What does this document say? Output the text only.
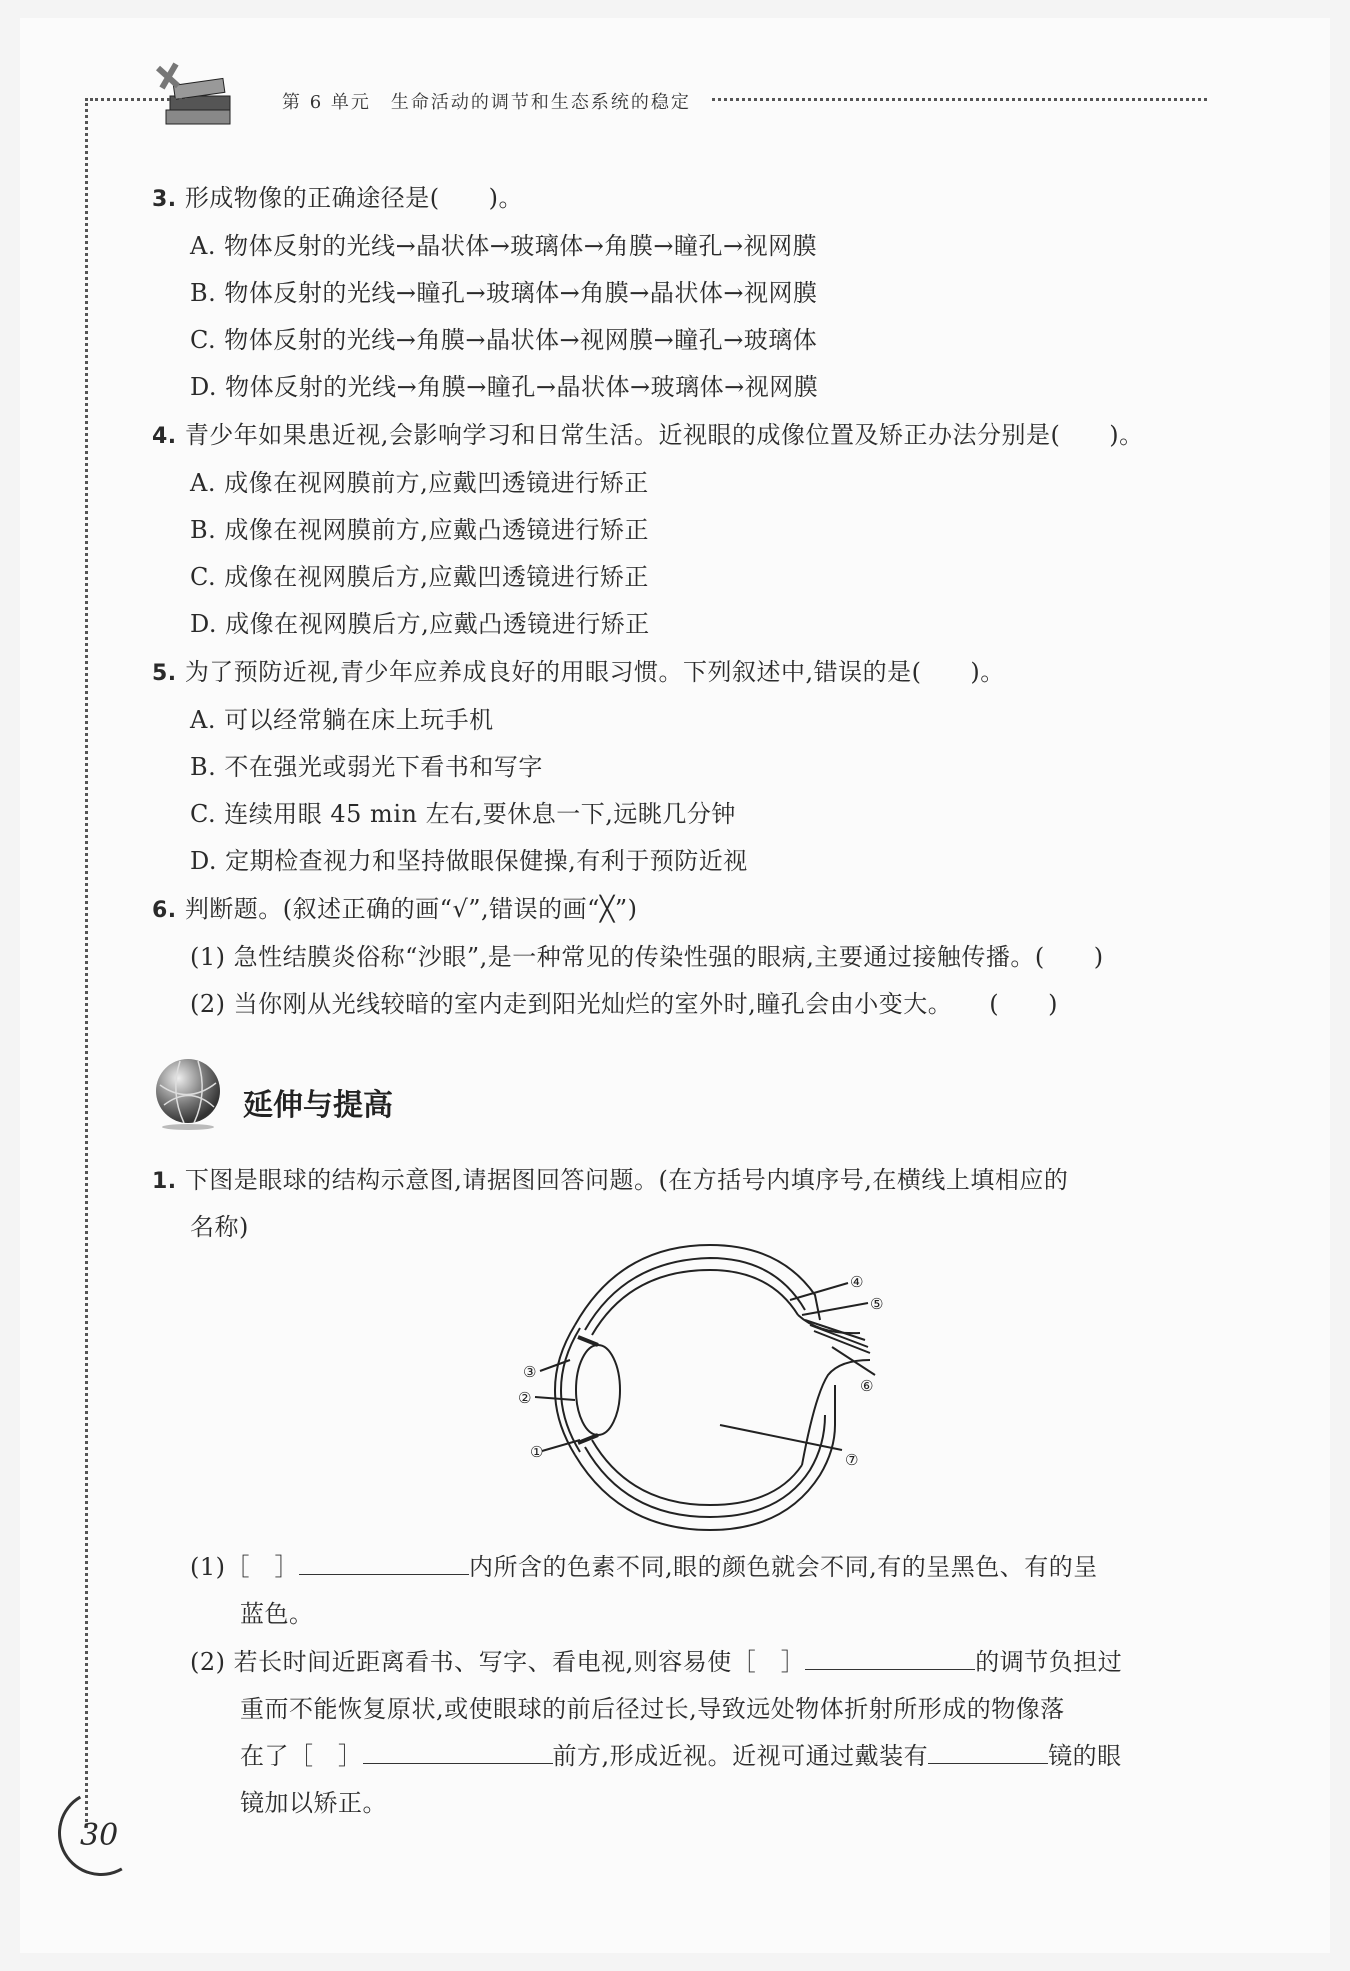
第 6 单元　生命活动的调节和生态系统的稳定
3. 形成物像的正确途径是(　　)。
A. 物体反射的光线→晶状体→玻璃体→角膜→瞳孔→视网膜
B. 物体反射的光线→瞳孔→玻璃体→角膜→晶状体→视网膜
C. 物体反射的光线→角膜→晶状体→视网膜→瞳孔→玻璃体
D. 物体反射的光线→角膜→瞳孔→晶状体→玻璃体→视网膜
4. 青少年如果患近视,会影响学习和日常生活。近视眼的成像位置及矫正办法分别是(　　)。
A. 成像在视网膜前方,应戴凹透镜进行矫正
B. 成像在视网膜前方,应戴凸透镜进行矫正
C. 成像在视网膜后方,应戴凹透镜进行矫正
D. 成像在视网膜后方,应戴凸透镜进行矫正
5. 为了预防近视,青少年应养成良好的用眼习惯。下列叙述中,错误的是(　　)。
A. 可以经常躺在床上玩手机
B. 不在强光或弱光下看书和写字
C. 连续用眼 45 min 左右,要休息一下,远眺几分钟
D. 定期检查视力和坚持做眼保健操,有利于预防近视
6. 判断题。(叙述正确的画“√”,错误的画“╳”)
(1) 急性结膜炎俗称“沙眼”,是一种常见的传染性强的眼病,主要通过接触传播。(　　)
(2) 当你刚从光线较暗的室内走到阳光灿烂的室外时,瞳孔会由小变大。　　(　　)
延伸与提高
1. 下图是眼球的结构示意图,请据图回答问题。(在方括号内填序号,在横线上填相应的
名称)
①
②
③
④
⑤
⑥
⑦
(1)［　］	内所含的色素不同,眼的颜色就会不同,有的呈黑色、有的呈
蓝色。
(2) 若长时间近距离看书、写字、看电视,则容易使［　］	的调节负担过
重而不能恢复原状,或使眼球的前后径过长,导致远处物体折射所形成的物像落
在了［　］	前方,形成近视。近视可通过戴装有	镜的眼
镜加以矫正。
30
